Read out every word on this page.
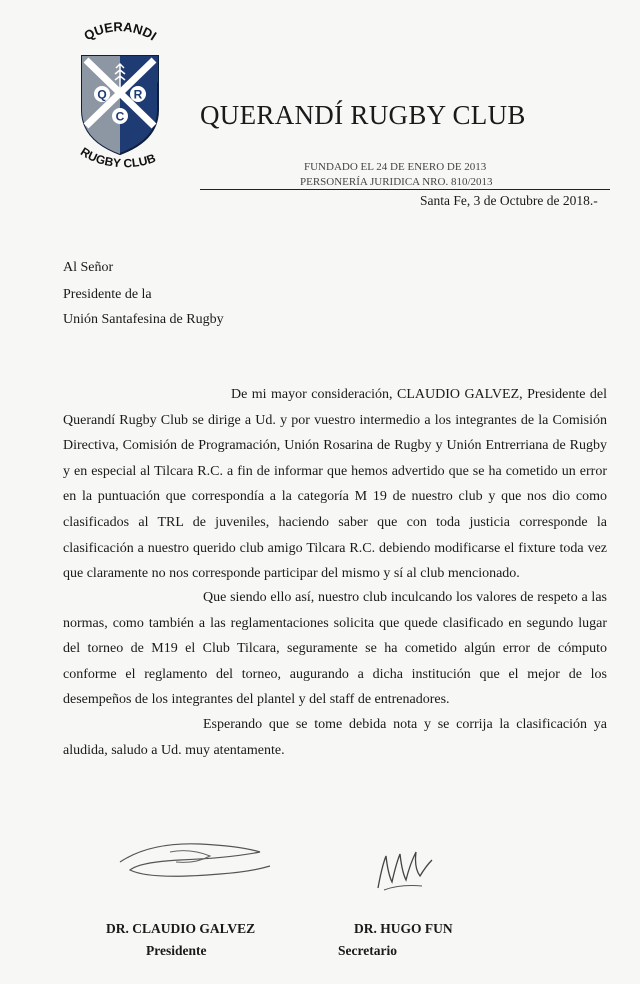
QUERANDI
Q R
C
RUGBY CLUB
QUERANDÍ RUGBY CLUB
FUNDADO EL 24 DE ENERO DE 2013
PERSONERÍA JURIDICA NRO. 810/2013
Santa Fe, 3 de Octubre de 2018.-
Al Señor
Presidente de la
Unión Santafesina de Rugby
De mi mayor consideración, CLAUDIO GALVEZ, Presidente del Querandí Rugby Club se dirige a Ud. y por vuestro intermedio a los integrantes de la Comisión Directiva, Comisión de Programación, Unión Rosarina de Rugby y Unión Entrerriana de Rugby y en especial al Tilcara R.C. a fin de informar que hemos advertido que se ha cometido un error en la puntuación que correspondía a la categoría M 19 de nuestro club y que nos dio como clasificados al TRL de juveniles, haciendo saber que con toda justicia corresponde la clasificación a nuestro querido club amigo Tilcara R.C. debiendo modificarse el fixture toda vez que claramente no nos corresponde participar del mismo y sí al club mencionado.
Que siendo ello así, nuestro club inculcando los valores de respeto a las normas, como también a las reglamentaciones solicita que quede clasificado en segundo lugar del torneo de M19 el Club Tilcara, seguramente se ha cometido algún error de cómputo conforme el reglamento del torneo, augurando a dicha institución que el mejor de los desempeños de los integrantes del plantel y del staff de entrenadores.
Esperando que se tome debida nota y se corrija la clasificación ya aludida, saludo a Ud. muy atentamente.
DR. CLAUDIO GALVEZ
Presidente
DR. HUGO FUN
Secretario
